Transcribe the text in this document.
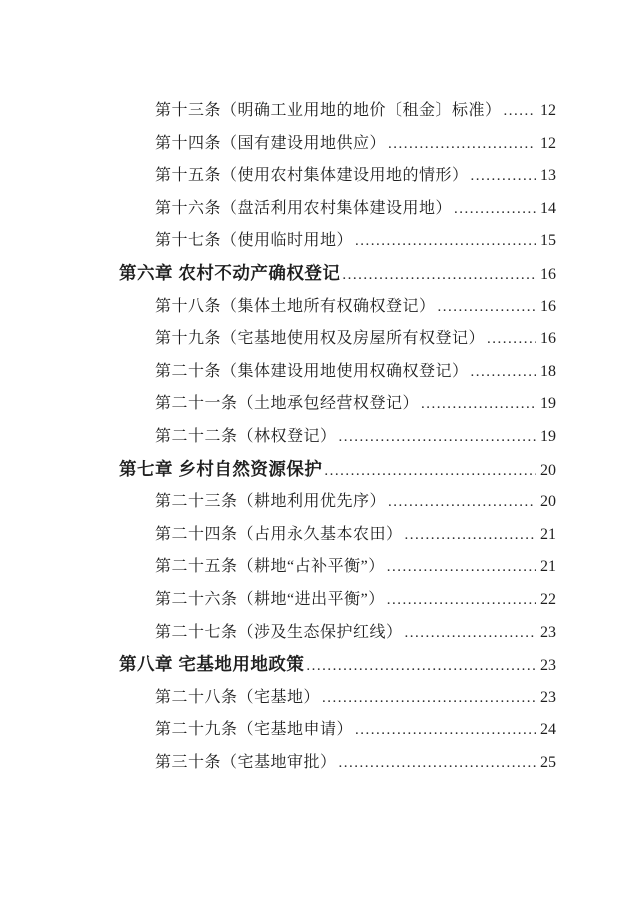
第十三条（明确工业用地的地价〔租金〕标准） ..... 12
第十四条（国有建设用地供应） .....	12
第十五条（使用农村集体建设用地的情形） .....	13
第十六条（盘活利用农村集体建设用地） .....	14
第十七条（使用临时用地） .....	15
第六章 农村不动产确权登记 .....	16
第十八条（集体土地所有权确权登记） .....	16
第十九条（宅基地使用权及房屋所有权登记） .....	16
第二十条（集体建设用地使用权确权登记） .....	18
第二十一条（土地承包经营权登记） .....	19
第二十二条（林权登记） .....	19
第七章 乡村自然资源保护 .....	20
第二十三条（耕地利用优先序） .....	20
第二十四条（占用永久基本农田） .....	21
第二十五条（耕地“占补平衡”） .....	21
第二十六条（耕地“进出平衡”） .....	22
第二十七条（涉及生态保护红线） .....	23
第八章 宅基地用地政策 .....	23
第二十八条（宅基地） .....	23
第二十九条（宅基地申请） .....	24
第三十条（宅基地审批） .....	25
